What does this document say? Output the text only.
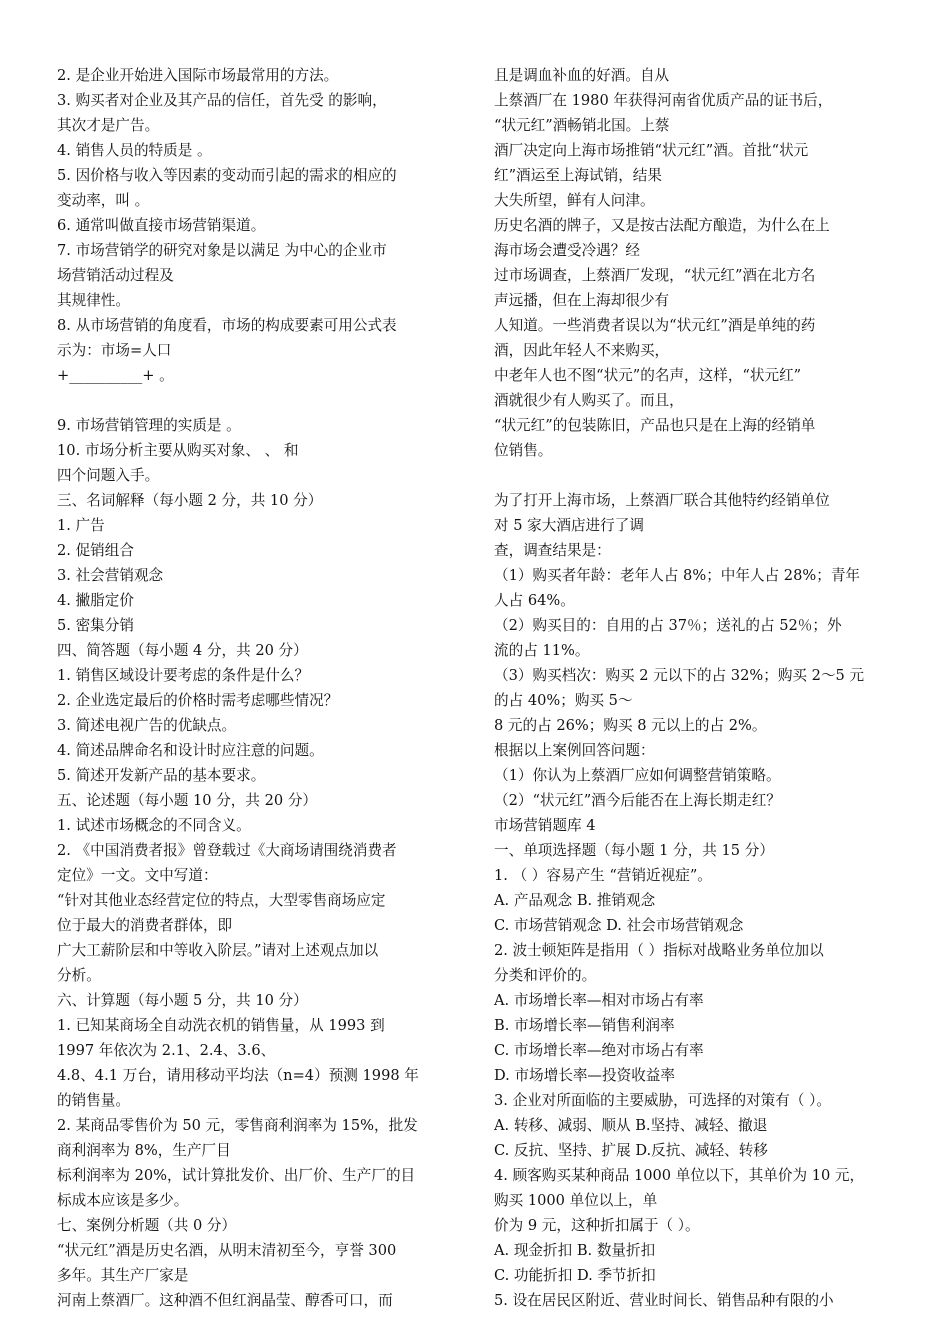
2. 是企业开始进入国际市场最常用的方法。
3. 购买者对企业及其产品的信任，首先受 的影响，
其次才是广告。
4. 销售人员的特质是 。
5. 因价格与收入等因素的变动而引起的需求的相应的
变动率，叫 。
6. 通常叫做直接市场营销渠道。
7. 市场营销学的研究对象是以满足 为中心的企业市
场营销活动过程及
其规律性。
8. 从市场营销的角度看，市场的构成要素可用公式表
示为：市场=人口
+__________+ 。
9. 市场营销管理的实质是 。
10. 市场分析主要从购买对象、 、 和
四个问题入手。
三、名词解释（每小题 2 分，共 10 分）
1. 广告
2. 促销组合
3. 社会营销观念
4. 撇脂定价
5. 密集分销
四、简答题（每小题 4 分，共 20 分）
1. 销售区域设计要考虑的条件是什么？
2. 企业选定最后的价格时需考虑哪些情况？
3. 简述电视广告的优缺点。
4. 简述品牌命名和设计时应注意的问题。
5. 简述开发新产品的基本要求。
五、论述题（每小题 10 分，共 20 分）
1. 试述市场概念的不同含义。
2. 《中国消费者报》曾登载过《大商场请围绕消费者
定位》一文。文中写道：
“针对其他业态经营定位的特点，大型零售商场应定
位于最大的消费者群体，即
广大工薪阶层和中等收入阶层。”请对上述观点加以
分析。
六、计算题（每小题 5 分，共 10 分）
1. 已知某商场全自动洗衣机的销售量，从 1993 到
1997 年依次为 2.1、2.4、3.6、
4.8、4.1 万台，请用移动平均法（n=4）预测 1998 年
的销售量。
2. 某商品零售价为 50 元，零售商利润率为 15%，批发
商利润率为 8%，生产厂目
标利润率为 20%，试计算批发价、出厂价、生产厂的目
标成本应该是多少。
七、案例分析题（共 0 分）
“状元红”酒是历史名酒，从明末清初至今，亨誉 300
多年。其生产厂家是
河南上蔡酒厂。这种酒不但红润晶莹、醇香可口，而
且是调血补血的好酒。自从
上蔡酒厂在 1980 年获得河南省优质产品的证书后，
“状元红”酒畅销北国。上蔡
酒厂决定向上海市场推销“状元红”酒。首批“状元
红”酒运至上海试销，结果
大失所望，鲜有人问津。
历史名酒的牌子，又是按古法配方酿造，为什么在上
海市场会遭受冷遇？经
过市场调查，上蔡酒厂发现，“状元红”酒在北方名
声远播，但在上海却很少有
人知道。一些消费者误以为“状元红”酒是单纯的药
酒，因此年轻人不来购买，
中老年人也不图“状元”的名声，这样，“状元红”
酒就很少有人购买了。而且，
“状元红”的包装陈旧，产品也只是在上海的经销单
位销售。
为了打开上海市场，上蔡酒厂联合其他特约经销单位
对 5 家大酒店进行了调
查，调查结果是：
（1）购买者年龄：老年人占 8%；中年人占 28%；青年
人占 64%。
（2）购买目的：自用的占 37％；送礼的占 52％；外
流的占 11%。
（3）购买档次：购买 2 元以下的占 32%；购买 2～5 元
的占 40%；购买 5～
8 元的占 26%；购买 8 元以上的占 2%。
根据以上案例回答问题：
（1）你认为上蔡酒厂应如何调整营销策略。
（2）“状元红”酒今后能否在上海长期走红？
市场营销题库 4
一、单项选择题（每小题 1 分，共 15 分）
1. （ ）容易产生 “营销近视症”。
A. 产品观念 B. 推销观念
C. 市场营销观念 D. 社会市场营销观念
2. 波士顿矩阵是指用（ ）指标对战略业务单位加以
分类和评价的。
A. 市场增长率—相对市场占有率
B. 市场增长率—销售利润率
C. 市场增长率—绝对市场占有率
D. 市场增长率—投资收益率
3. 企业对所面临的主要威胁，可选择的对策有（ ）。
A. 转移、减弱、顺从 B.坚持、减轻、撤退
C. 反抗、坚持、扩展 D.反抗、减轻、转移
4. 顾客购买某种商品 1000 单位以下，其单价为 10 元，
购买 1000 单位以上，单
价为 9 元，这种折扣属于（ ）。
A. 现金折扣 B. 数量折扣
C. 功能折扣 D. 季节折扣
5. 设在居民区附近、营业时间长、销售品种有限的小
